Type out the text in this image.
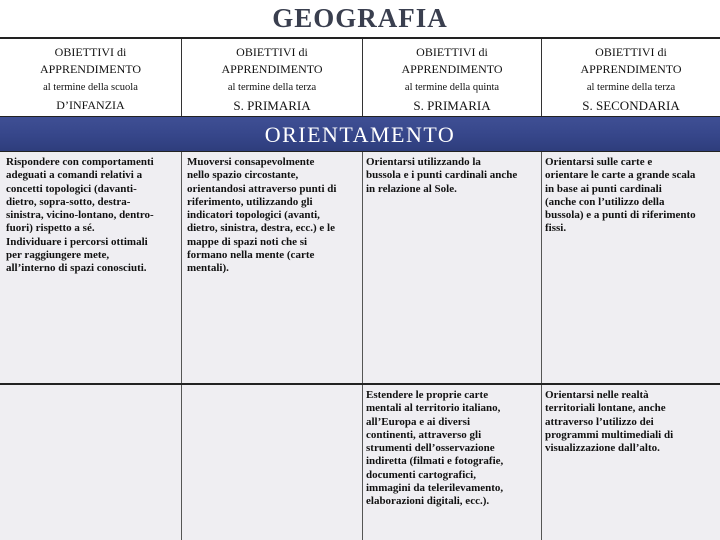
GEOGRAFIA
OBIETTIVI di
APPRENDIMENTO
al termine della scuola
D’INFANZIA
OBIETTIVI di
APPRENDIMENTO
al termine della terza
S. PRIMARIA
OBIETTIVI di
APPRENDIMENTO
al termine della quinta
S. PRIMARIA
OBIETTIVI di
APPRENDIMENTO
al termine della terza
S. SECONDARIA
ORIENTAMENTO
Rispondere con comportamenti
adeguati a comandi relativi a
concetti topologici (davanti-
dietro, sopra-sotto, destra-
sinistra, vicino-lontano, dentro-
fuori) rispetto a sé.
Individuare i percorsi ottimali
per raggiungere mete,
all’interno di spazi conosciuti.
Muoversi consapevolmente
nello spazio circostante,
orientandosi attraverso punti di
riferimento, utilizzando gli
indicatori topologici (avanti,
dietro, sinistra, destra, ecc.) e le
mappe di spazi noti che si
formano nella mente (carte
mentali).
Orientarsi utilizzando la
bussola e i punti cardinali anche
in relazione al Sole.
Orientarsi sulle carte e
orientare le carte a grande scala
in base ai punti cardinali
(anche con l’utilizzo della
bussola) e a punti di riferimento
fissi.
Estendere le proprie carte
mentali al territorio italiano,
all’Europa e ai diversi
continenti, attraverso gli
strumenti dell’osservazione
indiretta (filmati e fotografie,
documenti cartografici,
immagini da telerilevamento,
elaborazioni digitali, ecc.).
Orientarsi nelle realtà
territoriali lontane, anche
attraverso l’utilizzo dei
programmi multimediali di
visualizzazione dall’alto.
